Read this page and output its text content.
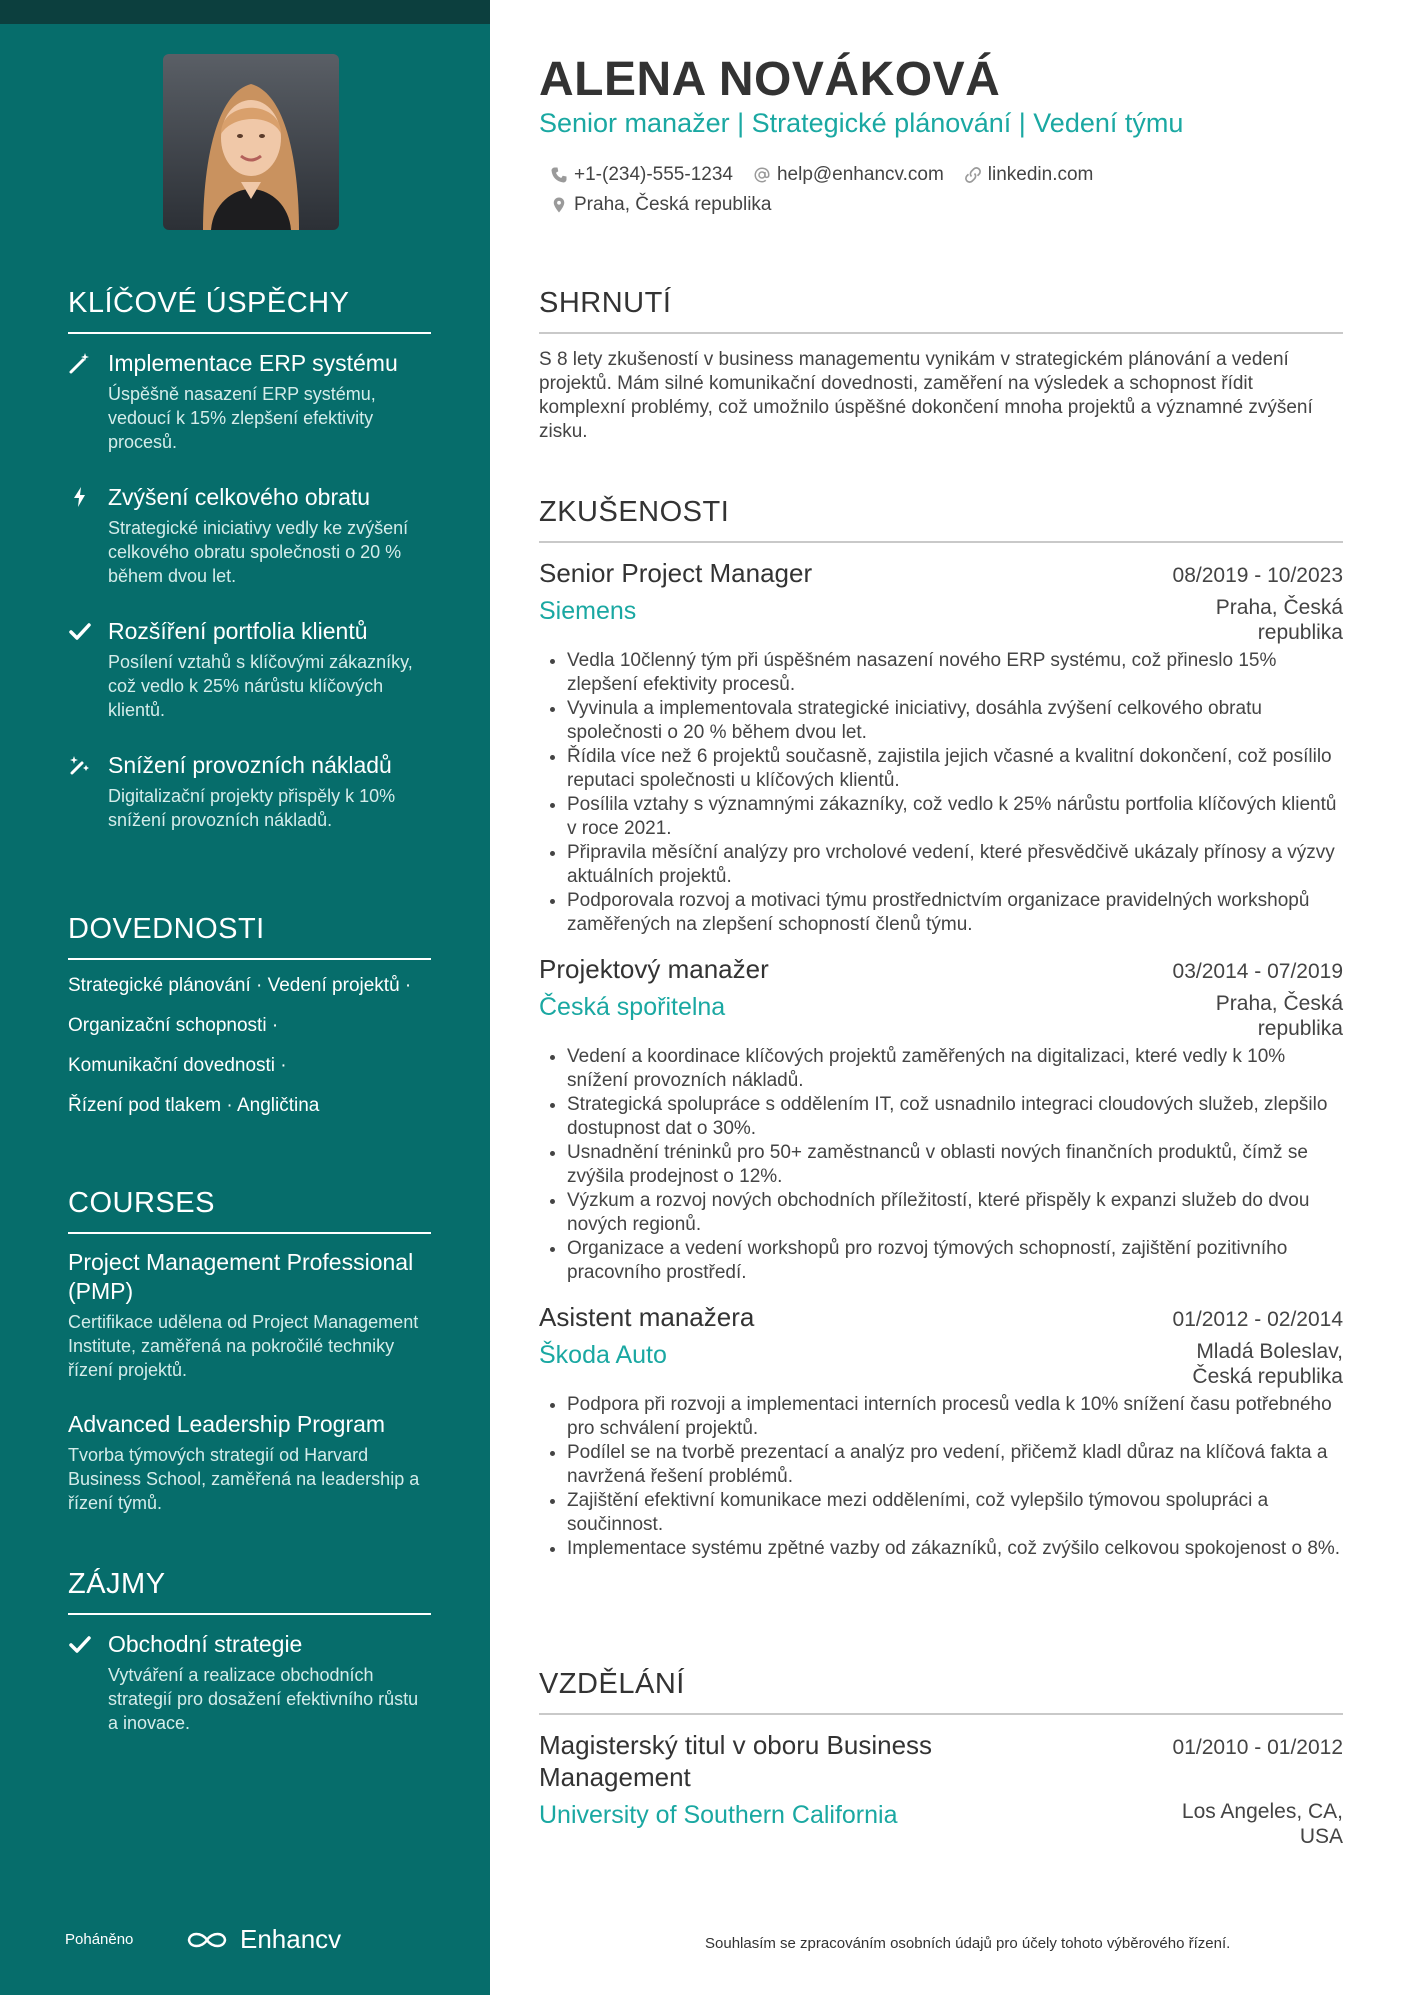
KLÍČOVÉ ÚSPĚCHY
Implementace ERP systému
Úspěšně nasazení ERP systému, vedoucí k 15% zlepšení efektivity procesů.
Zvýšení celkového obratu
Strategické iniciativy vedly ke zvýšení celkového obratu společnosti o 20 % během dvou let.
Rozšíření portfolia klientů
Posílení vztahů s klíčovými zákazníky, což vedlo k 25% nárůstu klíčových klientů.
Snížení provozních nákladů
Digitalizační projekty přispěly k 10% snížení provozních nákladů.
DOVEDNOSTI
Strategické plánování · Vedení projektů ·
Organizační schopnosti ·
Komunikační dovednosti ·
Řízení pod tlakem · Angličtina
COURSES
Project Management Professional (PMP)
Certifikace udělena od Project Management Institute, zaměřená na pokročilé techniky řízení projektů.
Advanced Leadership Program
Tvorba týmových strategií od Harvard Business School, zaměřená na leadership a řízení týmů.
ZÁJMY
Obchodní strategie
Vytváření a realizace obchodních strategií pro dosažení efektivního růstu a inovace.
Poháněno	Enhancv
ALENA NOVÁKOVÁ
Senior manažer | Strategické plánování | Vedení týmu
+1-(234)-555-1234 help@enhancv.com linkedin.com
Praha, Česká republika
SHRNUTÍ
S 8 lety zkušeností v business managementu vynikám v strategickém plánování a vedení projektů. Mám silné komunikační dovednosti, zaměření na výsledek a schopnost řídit komplexní problémy, což umožnilo úspěšné dokončení mnoha projektů a významné zvýšení zisku.
ZKUŠENOSTI
Senior Project Manager	08/2019 - 10/2023
Siemens	Praha, Česká republika
• Vedla 10členný tým při úspěšném nasazení nového ERP systému, což přineslo 15% zlepšení efektivity procesů.
• Vyvinula a implementovala strategické iniciativy, dosáhla zvýšení celkového obratu společnosti o 20 % během dvou let.
• Řídila více než 6 projektů současně, zajistila jejich včasné a kvalitní dokončení, což posílilo reputaci společnosti u klíčových klientů.
• Posílila vztahy s významnými zákazníky, což vedlo k 25% nárůstu portfolia klíčových klientů v roce 2021.
• Připravila měsíční analýzy pro vrcholové vedení, které přesvědčivě ukázaly přínosy a výzvy aktuálních projektů.
• Podporovala rozvoj a motivaci týmu prostřednictvím organizace pravidelných workshopů zaměřených na zlepšení schopností členů týmu.
Projektový manažer	03/2014 - 07/2019
Česká spořitelna	Praha, Česká republika
• Vedení a koordinace klíčových projektů zaměřených na digitalizaci, které vedly k 10% snížení provozních nákladů.
• Strategická spolupráce s oddělením IT, což usnadnilo integraci cloudových služeb, zlepšilo dostupnost dat o 30%.
• Usnadnění tréninků pro 50+ zaměstnanců v oblasti nových finančních produktů, čímž se zvýšila prodejnost o 12%.
• Výzkum a rozvoj nových obchodních příležitostí, které přispěly k expanzi služeb do dvou nových regionů.
• Organizace a vedení workshopů pro rozvoj týmových schopností, zajištění pozitivního pracovního prostředí.
Asistent manažera	01/2012 - 02/2014
Škoda Auto	Mladá Boleslav, Česká republika
• Podpora při rozvoji a implementaci interních procesů vedla k 10% snížení času potřebného pro schválení projektů.
• Podílel se na tvorbě prezentací a analýz pro vedení, přičemž kladl důraz na klíčová fakta a navržená řešení problémů.
• Zajištění efektivní komunikace mezi odděleními, což vylepšilo týmovou spolupráci a součinnost.
• Implementace systému zpětné vazby od zákazníků, což zvýšilo celkovou spokojenost o 8%.
VZDĚLÁNÍ
Magisterský titul v oboru Business Management
01/2010 - 01/2012
University of Southern California	Los Angeles, CA, USA
Souhlasím se zpracováním osobních údajů pro účely tohoto výběrového řízení.
